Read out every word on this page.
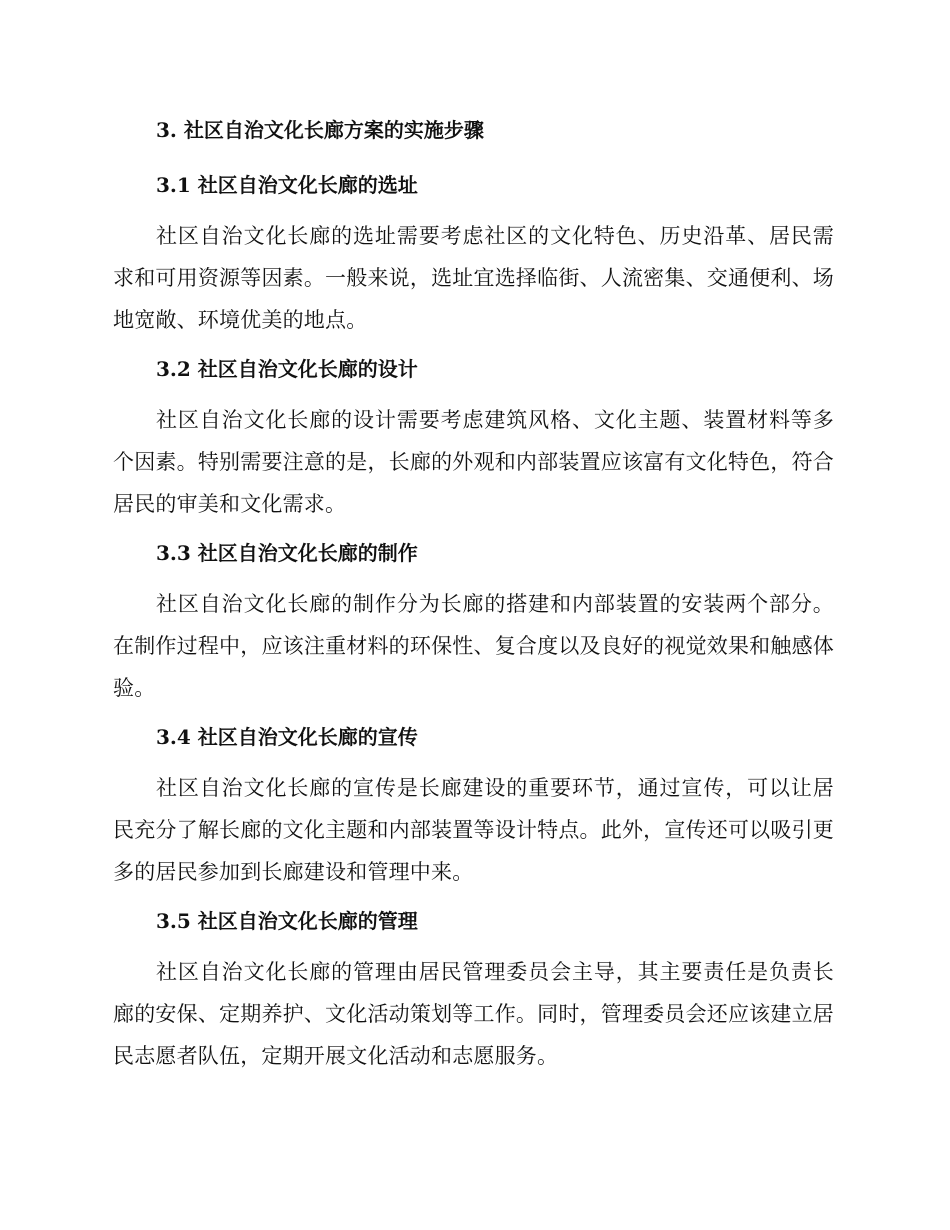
3. 社区自治文化长廊方案的实施步骤
3.1 社区自治文化长廊的选址

社区自治文化长廊的选址需要考虑社区的文化特色、历史沿革、居民需求和可用资源等因素。一般来说，选址宜选择临街、人流密集、交通便利、场地宽敞、环境优美的地点。

3.2 社区自治文化长廊的设计

社区自治文化长廊的设计需要考虑建筑风格、文化主题、装置材料等多个因素。特别需要注意的是，长廊的外观和内部装置应该富有文化特色，符合居民的审美和文化需求。

3.3 社区自治文化长廊的制作

社区自治文化长廊的制作分为长廊的搭建和内部装置的安装两个部分。在制作过程中，应该注重材料的环保性、复合度以及良好的视觉效果和触感体验。

3.4 社区自治文化长廊的宣传

社区自治文化长廊的宣传是长廊建设的重要环节，通过宣传，可以让居民充分了解长廊的文化主题和内部装置等设计特点。此外，宣传还可以吸引更多的居民参加到长廊建设和管理中来。

3.5 社区自治文化长廊的管理

社区自治文化长廊的管理由居民管理委员会主导，其主要责任是负责长廊的安保、定期养护、文化活动策划等工作。同时，管理委员会还应该建立居民志愿者队伍，定期开展文化活动和志愿服务。
